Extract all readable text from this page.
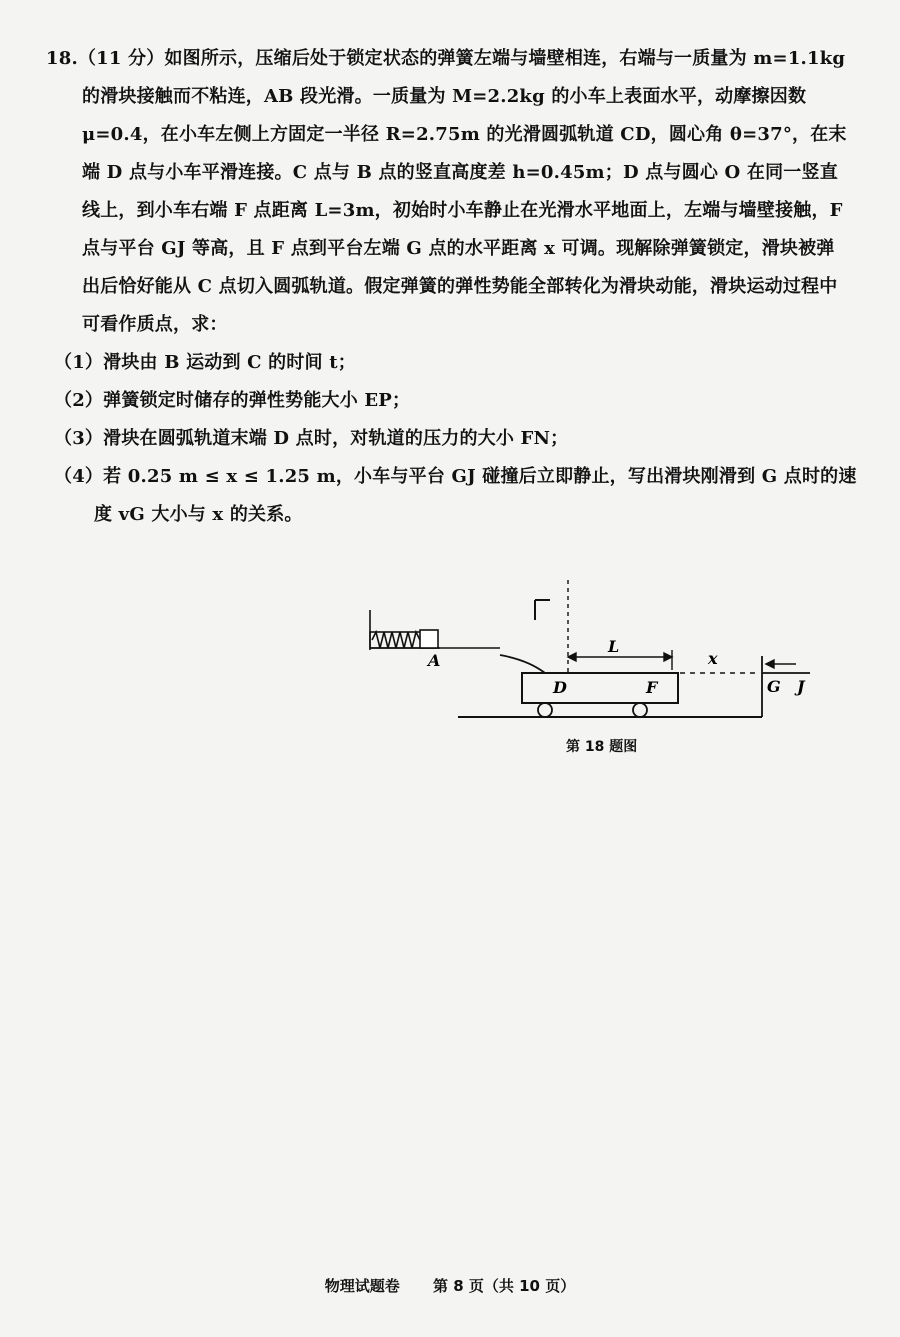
18.（11 分）如图所示，压缩后处于锁定状态的弹簧左端与墙壁相连，右端与一质量为 m=1.1kg 的滑块接触而不粘连，AB 段光滑。一质量为 M=2.2kg 的小车上表面水平，动摩擦因数 μ=0.4，在小车左侧上方固定一半径 R=2.75m 的光滑圆弧轨道 CD，圆心角 θ=37°，在末端 D 点与小车平滑连接。C 点与 B 点的竖直高度差 h=0.45m；D 点与圆心 O 在同一竖直线上，到小车右端 F 点距离 L=3m，初始时小车静止在光滑水平地面上，左端与墙壁接触，F 点与平台 GJ 等高，且 F 点到平台左端 G 点的水平距离 x 可调。现解除弹簧锁定，滑块被弹出后恰好能从 C 点切入圆弧轨道。假定弹簧的弹性势能全部转化为滑块动能，滑块运动过程中可看作质点，求：

（1）滑块由 B 运动到 C 的时间 t；

（2）弹簧锁定时储存的弹性势能大小 EP；

（3）滑块在圆弧轨道末端 D 点时，对轨道的压力的大小 FN；

（4）若 0.25 m ≤ x ≤ 1.25 m，小车与平台 GJ 碰撞后立即静止，写出滑块刚滑到 G 点时的速度 vG 大小与 x 的关系。

A
D	F
L
x
G J
第 18 题图
物理试题卷 第 8 页（共 10 页）
